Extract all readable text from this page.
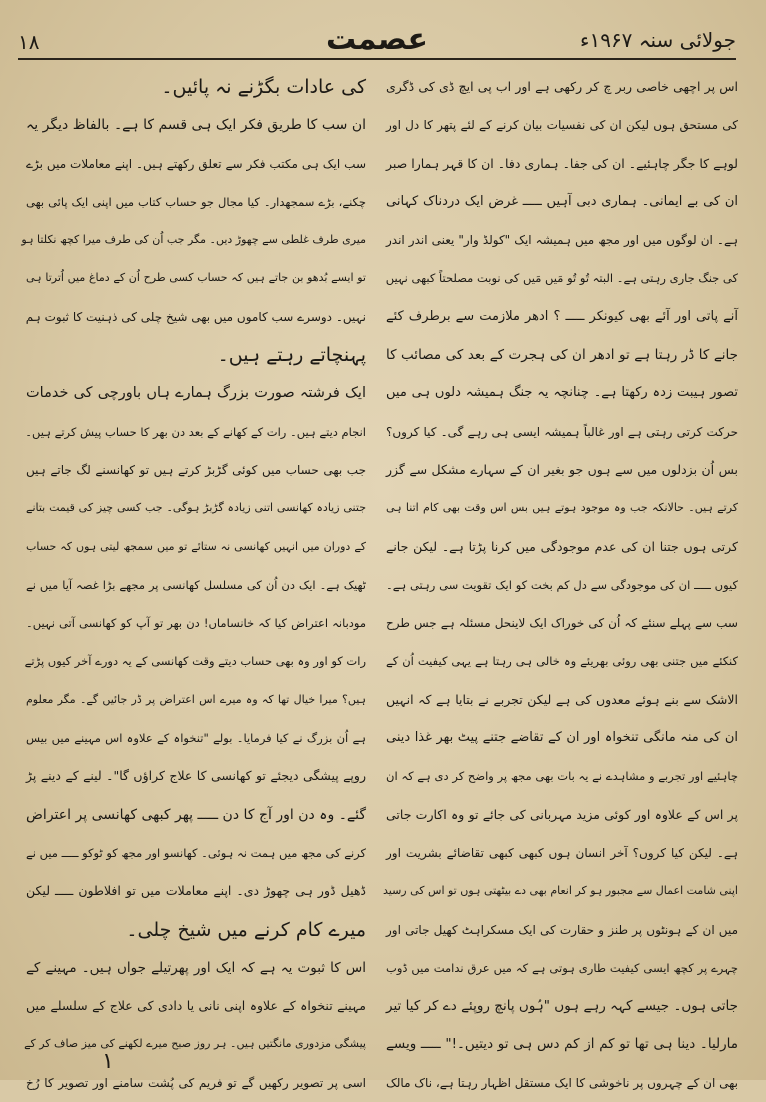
جولائی سنہ ۱۹۶۷ء
عصمت
۱۸
اس پر اچھی خاصی ربر چ کر رکھی ہے اور اب پی ایچ ڈی کی ڈگری
کی مستحق ہوں لیکن ان کی نفسیات بیان کرنے کے لئے پتھر کا دل اور
لوہے کا جگر چاہئیے۔ ان کی جفا۔ ہماری دفا۔ ان کا قہر ہمارا صبر
ان کی بے ایمانی۔ ہماری دبی آہیں ـــــ غرض ایک دردناک کہانی
ہے۔ ان لوگوں میں اور مجھ میں ہمیشہ ایک "کولڈ وار" یعنی اندر اندر
کی جنگ جاری رہتی ہے۔ البتہ تُو تُو مَیں مَیں کی نوبت مصلحتاً کبھی نہیں
آنے پاتی اور آئے بھی کیونکر ـــــ ؟ ادھر ملازمت سے برطرف کئے
جانے کا ڈر رہتا ہے تو ادھر ان کی ہجرت کے بعد کی مصائب کا
تصور ہیبت زدہ رکھتا ہے۔ چنانچہ یہ جنگ ہمیشہ دلوں ہی میں
حرکت کرتی رہتی ہے اور غالباً ہمیشہ ایسی ہی رہے گی۔ کیا کروں؟
بس اُن بزدلوں میں سے ہوں جو بغیر ان کے سہارے مشکل سے گزر
کرتے ہیں۔ حالانکہ جب وہ موجود ہوتے ہیں بس اس وقت بھی کام اتنا ہی
کرتی ہوں جتنا ان کی عدم موجودگی میں کرنا پڑتا ہے۔ لیکن جانے
کیوں ـــــ ان کی موجودگی سے دل کم بخت کو ایک تقویت سی رہتی ہے۔
سب سے پہلے سنئے کہ اُن کی خوراک ایک لاینحل مسئلہ ہے جس طرح
کنکئے میں جتنی بھی روئی بھریئے وہ خالی ہی رہتا ہے یہی کیفیت اُن کے
الاشک سے بنے ہوئے معدوں کی ہے لیکن تجربے نے بتایا ہے کہ انہیں
ان کی منہ مانگی تنخواہ اور ان کے تقاضے جتنے پیٹ بھر غذا دینی
چاہئیے اور تجربے و مشاہدے نے یہ بات بھی مجھ پر واضح کر دی ہے کہ ان
پر اس کے علاوہ اور کوئی مزید مہربانی کی جائے تو وہ اکارت جاتی
ہے۔ لیکن کیا کروں؟ آخر انسان ہوں کبھی کبھی تقاضائے بشریت اور
اپنی شامت اعمال سے مجبور ہو کر انعام بھی دے بیٹھتی ہوں تو اس کی رسید
میں ان کے ہونٹوں پر طنز و حقارت کی ایک مسکراہٹ کھیل جاتی اور
چہرے پر کچھ ایسی کیفیت طاری ہوتی ہے کہ میں عرق ندامت میں ڈوب
جاتی ہوں۔ جیسے کہہ رہے ہوں "ہُوں پانچ روپئے دے کر کیا تیر
مارلیا۔ دینا ہی تھا تو کم از کم دس ہی تو دیتیں۔!" ـــــ ویسے
بھی ان کے چہروں پر ناخوشی کا ایک مستقل اظہار رہتا ہے، ناک مالک
کی عادات بگڑنے نہ پائیں۔
ان سب کا طریق فکر ایک ہی قسم کا ہے۔ بالفاظ دیگر یہ
سب ایک ہی مکتب فکر سے تعلق رکھتے ہیں۔ اپنے معاملات میں بڑے
چکنے، بڑے سمجھدار۔ کیا مجال جو حساب کتاب میں اپنی ایک پائی بھی
میری طرف غلطی سے چھوڑ دیں۔ مگر جب اُن کی طرف میرا کچھ نکلتا ہو
تو ایسے بُدھو بن جاتے ہیں کہ حساب کسی طرح اُن کے دماغ میں اُترتا ہی
نہیں۔ دوسرے سب کاموں میں بھی شیخ چلی کی ذہنیت کا ثبوت ہم
پہنچاتے رہتے ہیں۔
ایک فرشتہ صورت بزرگ ہمارے ہاں باورچی کی خدمات
انجام دیتے ہیں۔ رات کے کھانے کے بعد دن بھر کا حساب پیش کرتے ہیں۔
جب بھی حساب میں کوئی گڑبڑ کرتے ہیں تو کھانسنے لگ جاتے ہیں
جتنی زیادہ کھانسی اتنی زیادہ گڑبڑ ہوگی۔ جب کسی چیز کی قیمت بتانے
کے دوران میں انہیں کھانسی نہ ستائے تو میں سمجھ لیتی ہوں کہ حساب
ٹھیک ہے۔ ایک دن اُن کی مسلسل کھانسی پر مجھے بڑا غصہ آیا میں نے
مودبانہ اعتراض کیا کہ خانساماں! دن بھر تو آپ کو کھانسی آتی نہیں۔
رات کو اور وہ بھی حساب دیتے وقت کھانسی کے یہ دورے آخر کیوں پڑتے
ہیں؟ میرا خیال تھا کہ وہ میرے اس اعتراض پر ڈر جائیں گے۔ مگر معلوم
ہے اُن بزرگ نے کیا فرمایا۔ بولے "تنخواہ کے علاوہ اس مہینے میں بیس
روپے پیشگی دیجئے تو کھانسی کا علاج کراؤں گا"۔ لینے کے دینے پڑ
گئے۔ وہ دن اور آج کا دن ـــــ پھر کبھی کھانسی پر اعتراض
کرنے کی مجھ میں ہمت نہ ہوئی۔ کھانسو اور مجھ کو ٹوکو ـــــ میں نے
ڈھیل ڈور ہی چھوڑ دی۔ اپنے معاملات میں تو افلاطون ـــــ لیکن
میرے کام کرنے میں شیخ چلی۔
اس کا ثبوت یہ ہے کہ ایک اور پھرتیلے جواں ہیں۔ مہینے کے
مہینے تنخواہ کے علاوہ اپنی نانی یا دادی کی علاج کے سلسلے میں
پیشگی مزدوری مانگتیں ہیں۔ ہر روز صبح میرے لکھنے کی میز صاف کر کے
اسی پر تصویر رکھیں گے تو فریم کی پُشت سامنے اور تصویر کا رُخ
۱
